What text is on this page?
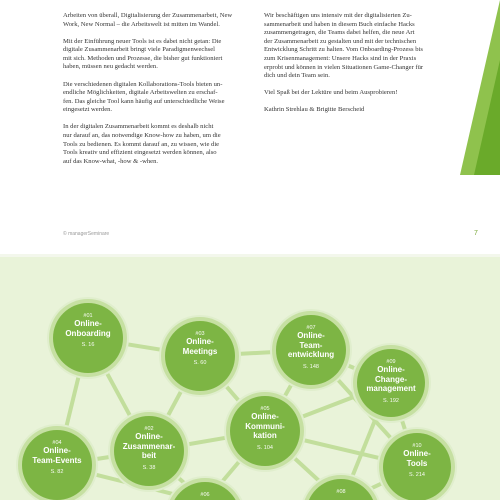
Arbeiten von überall, Digitalisierung der Zusammenarbeit, New
Work, New Normal – die Arbeitswelt ist mitten im Wandel.

Mit der Einführung neuer Tools ist es dabei nicht getan: Die
digitale Zusammenarbeit bringt viele Paradigmenwechsel
mit sich. Methoden und Prozesse, die bisher gut funktioniert
haben, müssen neu gedacht werden.

Die verschiedenen digitalen Kollaborations-Tools bieten un-
endliche Möglichkeiten, digitale Arbeitswelten zu erschaf-
fen. Das gleiche Tool kann häufig auf unterschiedliche Weise
eingesetzt werden.

In der digitalen Zusammenarbeit kommt es deshalb nicht
nur darauf an, das notwendige Know-how zu haben, um die
Tools zu bedienen. Es kommt darauf an, zu wissen, wie die
Tools kreativ und effizient eingesetzt werden können, also
auf das Know-what, -how & -when.

Wir beschäftigen uns intensiv mit der digitalisierten Zu-
sammenarbeit und haben in diesem Buch einfache Hacks
zusammengetragen, die Teams dabei helfen, die neue Art
der Zusammenarbeit zu gestalten und mit der technischen
Entwicklung Schritt zu halten. Vom Onboarding-Prozess bis
zum Krisenmanagement: Unsere Hacks sind in der Praxis
erprobt und können in vielen Situationen Game-Changer für
dich und dein Team sein.

Viel Spaß bei der Lektüre und beim Ausprobieren!

Kathrin Strehlau & Brigitte Berscheid

© managerSeminare	7
#01
Online-
Onboarding
S. 16
#03
Online-
Meetings
S. 60
#07
Online-
Team-
entwicklung
S. 148
#09
Online-
Change-
management
S. 192
#02
Online-
Zusammenar-
beit
S. 38
#05
Online-
Kommuni-
kation
S. 104
#04
Online-
Team-Events
S. 82
#10
Online-
Tools
S. 214
#06	#08
